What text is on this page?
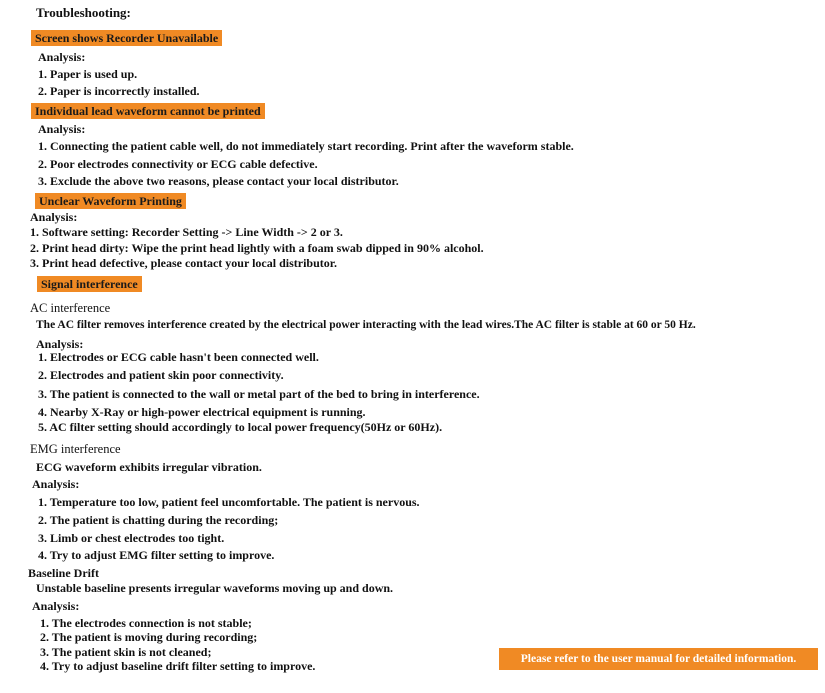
Troubleshooting:
Screen shows Recorder Unavailable
Analysis:
1. Paper is used up.
2. Paper is incorrectly installed.
Individual lead waveform cannot be printed
Analysis:
1. Connecting the patient cable well, do not immediately start recording. Print after the waveform stable.
2. Poor electrodes connectivity or ECG cable defective.
3. Exclude the above two reasons, please contact your local distributor.
Unclear Waveform Printing
Analysis:
1. Software setting: Recorder Setting -> Line Width -> 2 or 3.
2. Print head dirty: Wipe the print head lightly with a foam swab dipped in 90% alcohol.
3. Print head defective, please contact your local distributor.
Signal interference
AC interference
The AC filter removes interference created by the electrical power interacting with the lead wires.The AC filter is stable at 60 or 50 Hz.
Analysis:
1. Electrodes or ECG cable hasn't been connected well.
2. Electrodes and patient skin poor connectivity.
3. The patient is connected to the wall or metal part of the bed to bring in interference.
4. Nearby X-Ray or high-power electrical equipment is running.
5. AC filter setting should accordingly to local power frequency(50Hz or 60Hz).
EMG interference
ECG waveform exhibits irregular vibration.
Analysis:
1. Temperature too low, patient feel uncomfortable. The patient is nervous.
2. The patient is chatting during the recording;
3. Limb or chest electrodes too tight.
4. Try to adjust EMG filter setting to improve.
Baseline Drift
Unstable baseline presents irregular waveforms moving up and down.
Analysis:
1. The electrodes connection is not stable;
2. The patient is moving during recording;
3. The patient skin is not cleaned;
4. Try to adjust baseline drift filter setting to improve.	Please refer to the user manual for detailed information.
